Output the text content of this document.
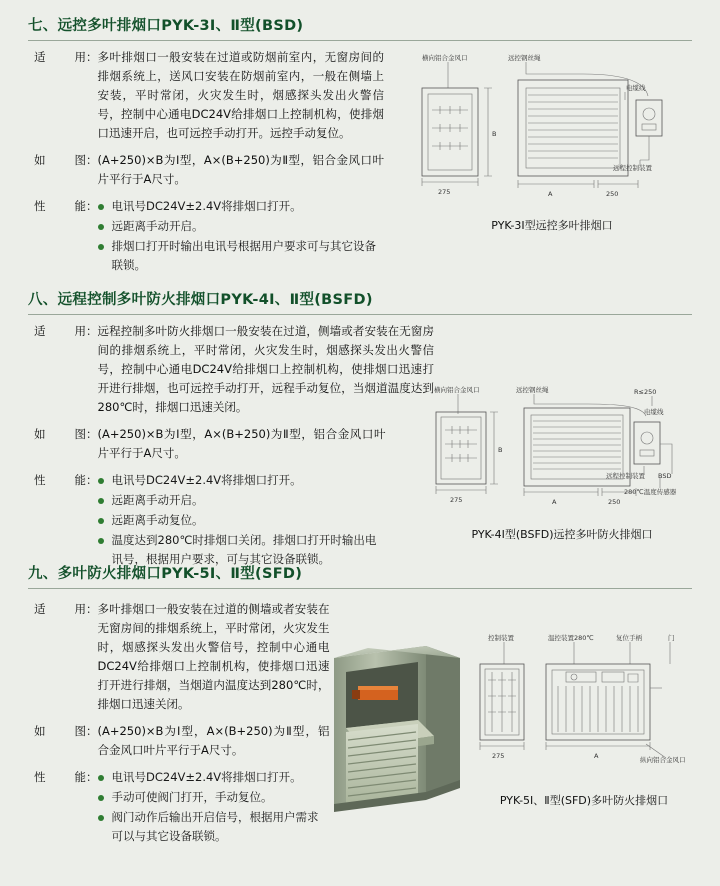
七、远控多叶排烟口PYK-3Ⅰ、Ⅱ型(BSD)
适用 ： 多叶排烟口一般安装在过道或防烟前室内，无窗房间的排烟系统上，送风口安装在防烟前室内，一般在侧墙上安装，平时常闭，火灾发生时，烟感探头发出火警信号，控制中心通电DC24V给排烟口上控制机构，使排烟口迅速开启，也可远控手动打开。远控手动复位。
如图 ： (A+250)×B为Ⅰ型，A×(B+250)为Ⅱ型，铝合金风口叶片平行于A尺寸。
性能 ：	电讯号DC24V±2.4V将排烟口打开。
远距离手动开启。
排烟口打开时输出电讯号根据用户要求可与其它设备联锁。
横向铝合金风口	远控钢丝绳
电缆线
远程控制装置
275
B
A	250
PYK-3Ⅰ型远控多叶排烟口
八、远程控制多叶防火排烟口PYK-4Ⅰ、Ⅱ型(BSFD)
适用 ： 远程控制多叶防火排烟口一般安装在过道，侧墙或者安装在无窗房间的排烟系统上，平时常闭，火灾发生时，烟感探头发出火警信号，控制中心通电DC24V给排烟口上控制机构，使排烟口迅速打开进行排烟，也可远控手动打开，远程手动复位，当烟道温度达到280℃时，排烟口迅速关闭。
如图 ： (A+250)×B为Ⅰ型，A×(B+250)为Ⅱ型，铝合金风口叶片平行于A尺寸。
性能 ：	电讯号DC24V±2.4V将排烟口打开。
远距离手动开启。
远距离手动复位。
温度达到280℃时排烟口关闭。排烟口打开时输出电讯号，根据用户要求，可与其它设备联锁。
横向铝合金风口	远控钢丝绳	R≤250
电缆线
远程控制装置 BSD
280℃温度传感器
275
B
A	250
PYK-4Ⅰ型(BSFD)远控多叶防火排烟口
九、多叶防火排烟口PYK-5Ⅰ、Ⅱ型(SFD)
适用 ： 多叶排烟口一般安装在过道的侧墙或者安装在无窗房间的排烟系统上，平时常闭，火灾发生时，烟感探头发出火警信号，控制中心通电DC24V给排烟口上控制机构，使排烟口迅速打开进行排烟，当烟道内温度达到280℃时，排烟口迅速关闭。
如图 ： (A+250)×B为Ⅰ型，A×(B+250)为Ⅱ型，铝合金风口叶片平行于A尺寸。
性能 ：	电讯号DC24V±2.4V将排烟口打开。
手动可使阀门打开，手动复位。
阀门动作后输出开启信号，根据用户需求可以与其它设备联锁。
控制装置	温控装置280℃	复位手柄	门
纵向铝合金风口
275	A
PYK-5Ⅰ、Ⅱ型(SFD)多叶防火排烟口
